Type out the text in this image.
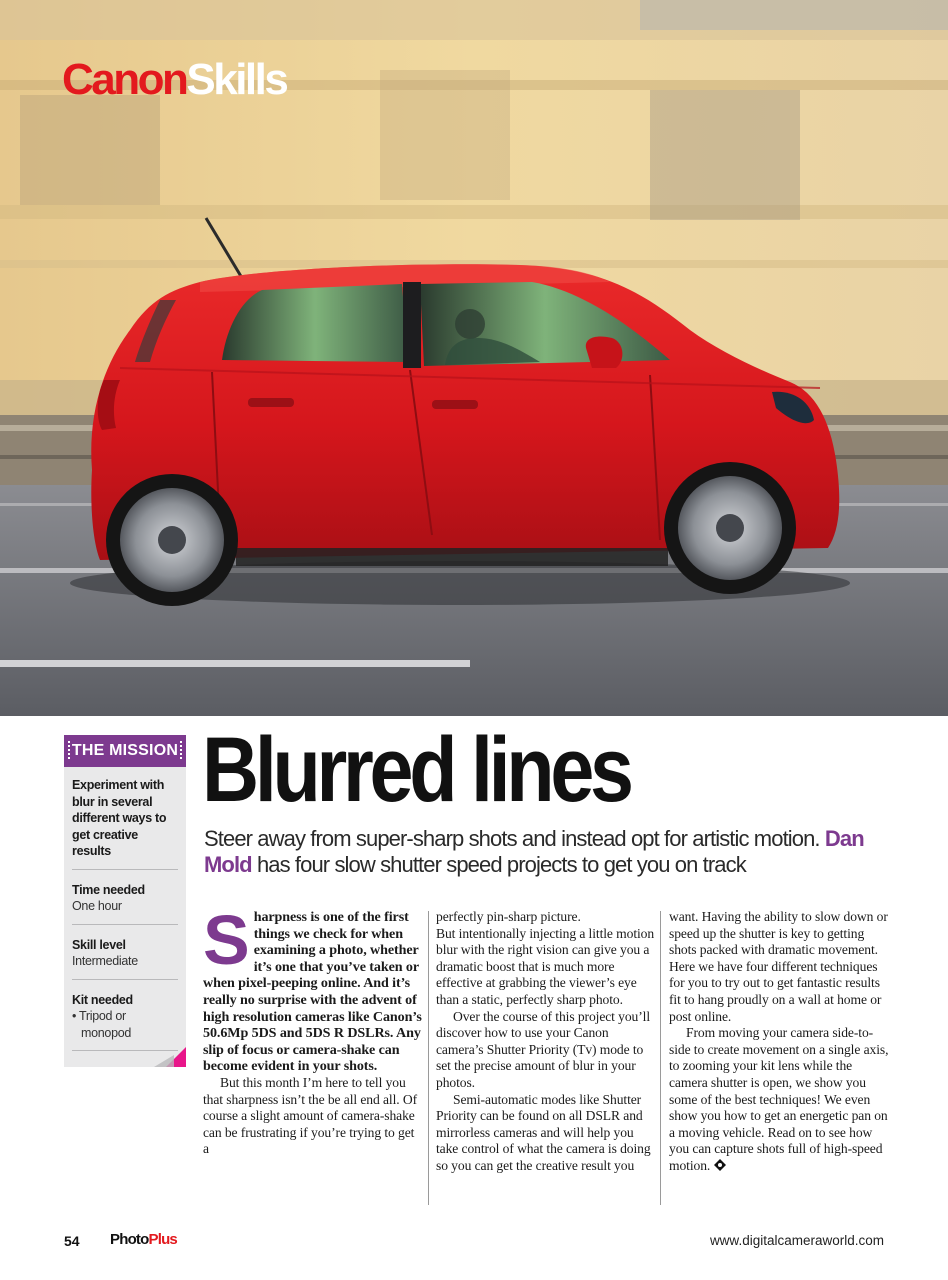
CanonSkills
THE MISSION
Experiment with blur in several different ways to get creative results
Time needed
One hour
Skill level
Intermediate
Kit needed
• Tripod or monopod
Blurred lines

Steer away from super-sharp shots and instead opt for artistic motion. Dan Mold has four slow shutter speed projects to get you on track

Sharpness is one of the first things we check for when examining a photo, whether it’s one that you’ve taken or when pixel-peeping online. And it’s really no surprise with the advent of high resolution cameras like Canon’s 50.6Mp 5DS and 5DS R DSLRs. Any slip of focus or camera-shake can become evident in your shots.

But this month I’m here to tell you that sharpness isn’t the be all end all. Of course a slight amount of camera-shake can be frustrating if you’re trying to get a

perfectly pin-sharp picture.

But intentionally injecting a little motion blur with the right vision can give you a dramatic boost that is much more effective at grabbing the viewer’s eye than a static, perfectly sharp photo.

Over the course of this project you’ll discover how to use your Canon camera’s Shutter Priority (Tv) mode to set the precise amount of blur in your photos.

Semi-automatic modes like Shutter Priority can be found on all DSLR and mirrorless cameras and will help you take control of what the camera is doing so you can get the creative result you

want. Having the ability to slow down or speed up the shutter is key to getting shots packed with dramatic movement. Here we have four different techniques for you to try out to get fantastic results fit to hang proudly on a wall at home or post online.

From moving your camera side-to-side to create movement on a single axis, to zooming your kit lens while the camera shutter is open, we show you some of the best techniques! We even show you how to get an energetic pan on a moving vehicle. Read on to see how you can capture shots full of high-speed motion.

54 PhotoPlus	www.digitalcameraworld.com
